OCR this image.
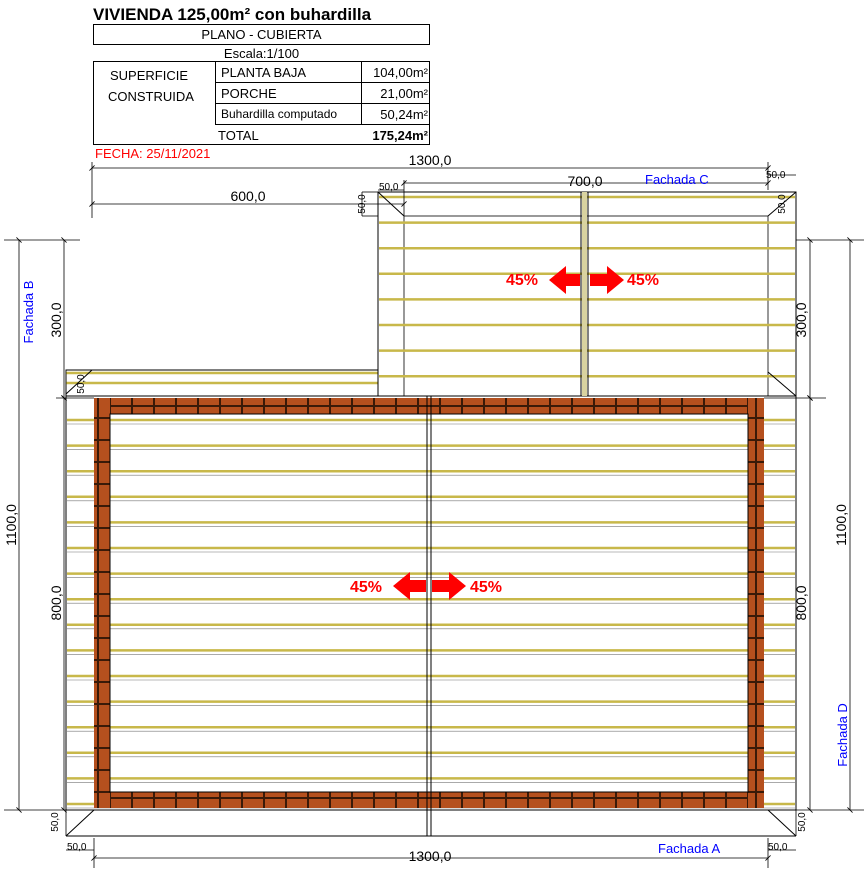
VIVIENDA 125,00m² con buhardilla
PLANO - CUBIERTA
Escala:1/100
SUPERFICIE
CONSTRUIDA
PLANTA BAJA	104,00m²
PORCHE	21,00m²
Buhardilla computado	50,24m²
TOTAL	175,24m²
FECHA: 25/11/2021	1300,0
700,0
600,0
1300,0
1100,0
300,0
800,0
1100,0
300,0
800,0
50,0
50,0
50,0	50,0
50,0
50,0	50,0
50,0	50,0
Fachada A
Fachada C
Fachada B
Fachada D
45%	45%
45%	45%
